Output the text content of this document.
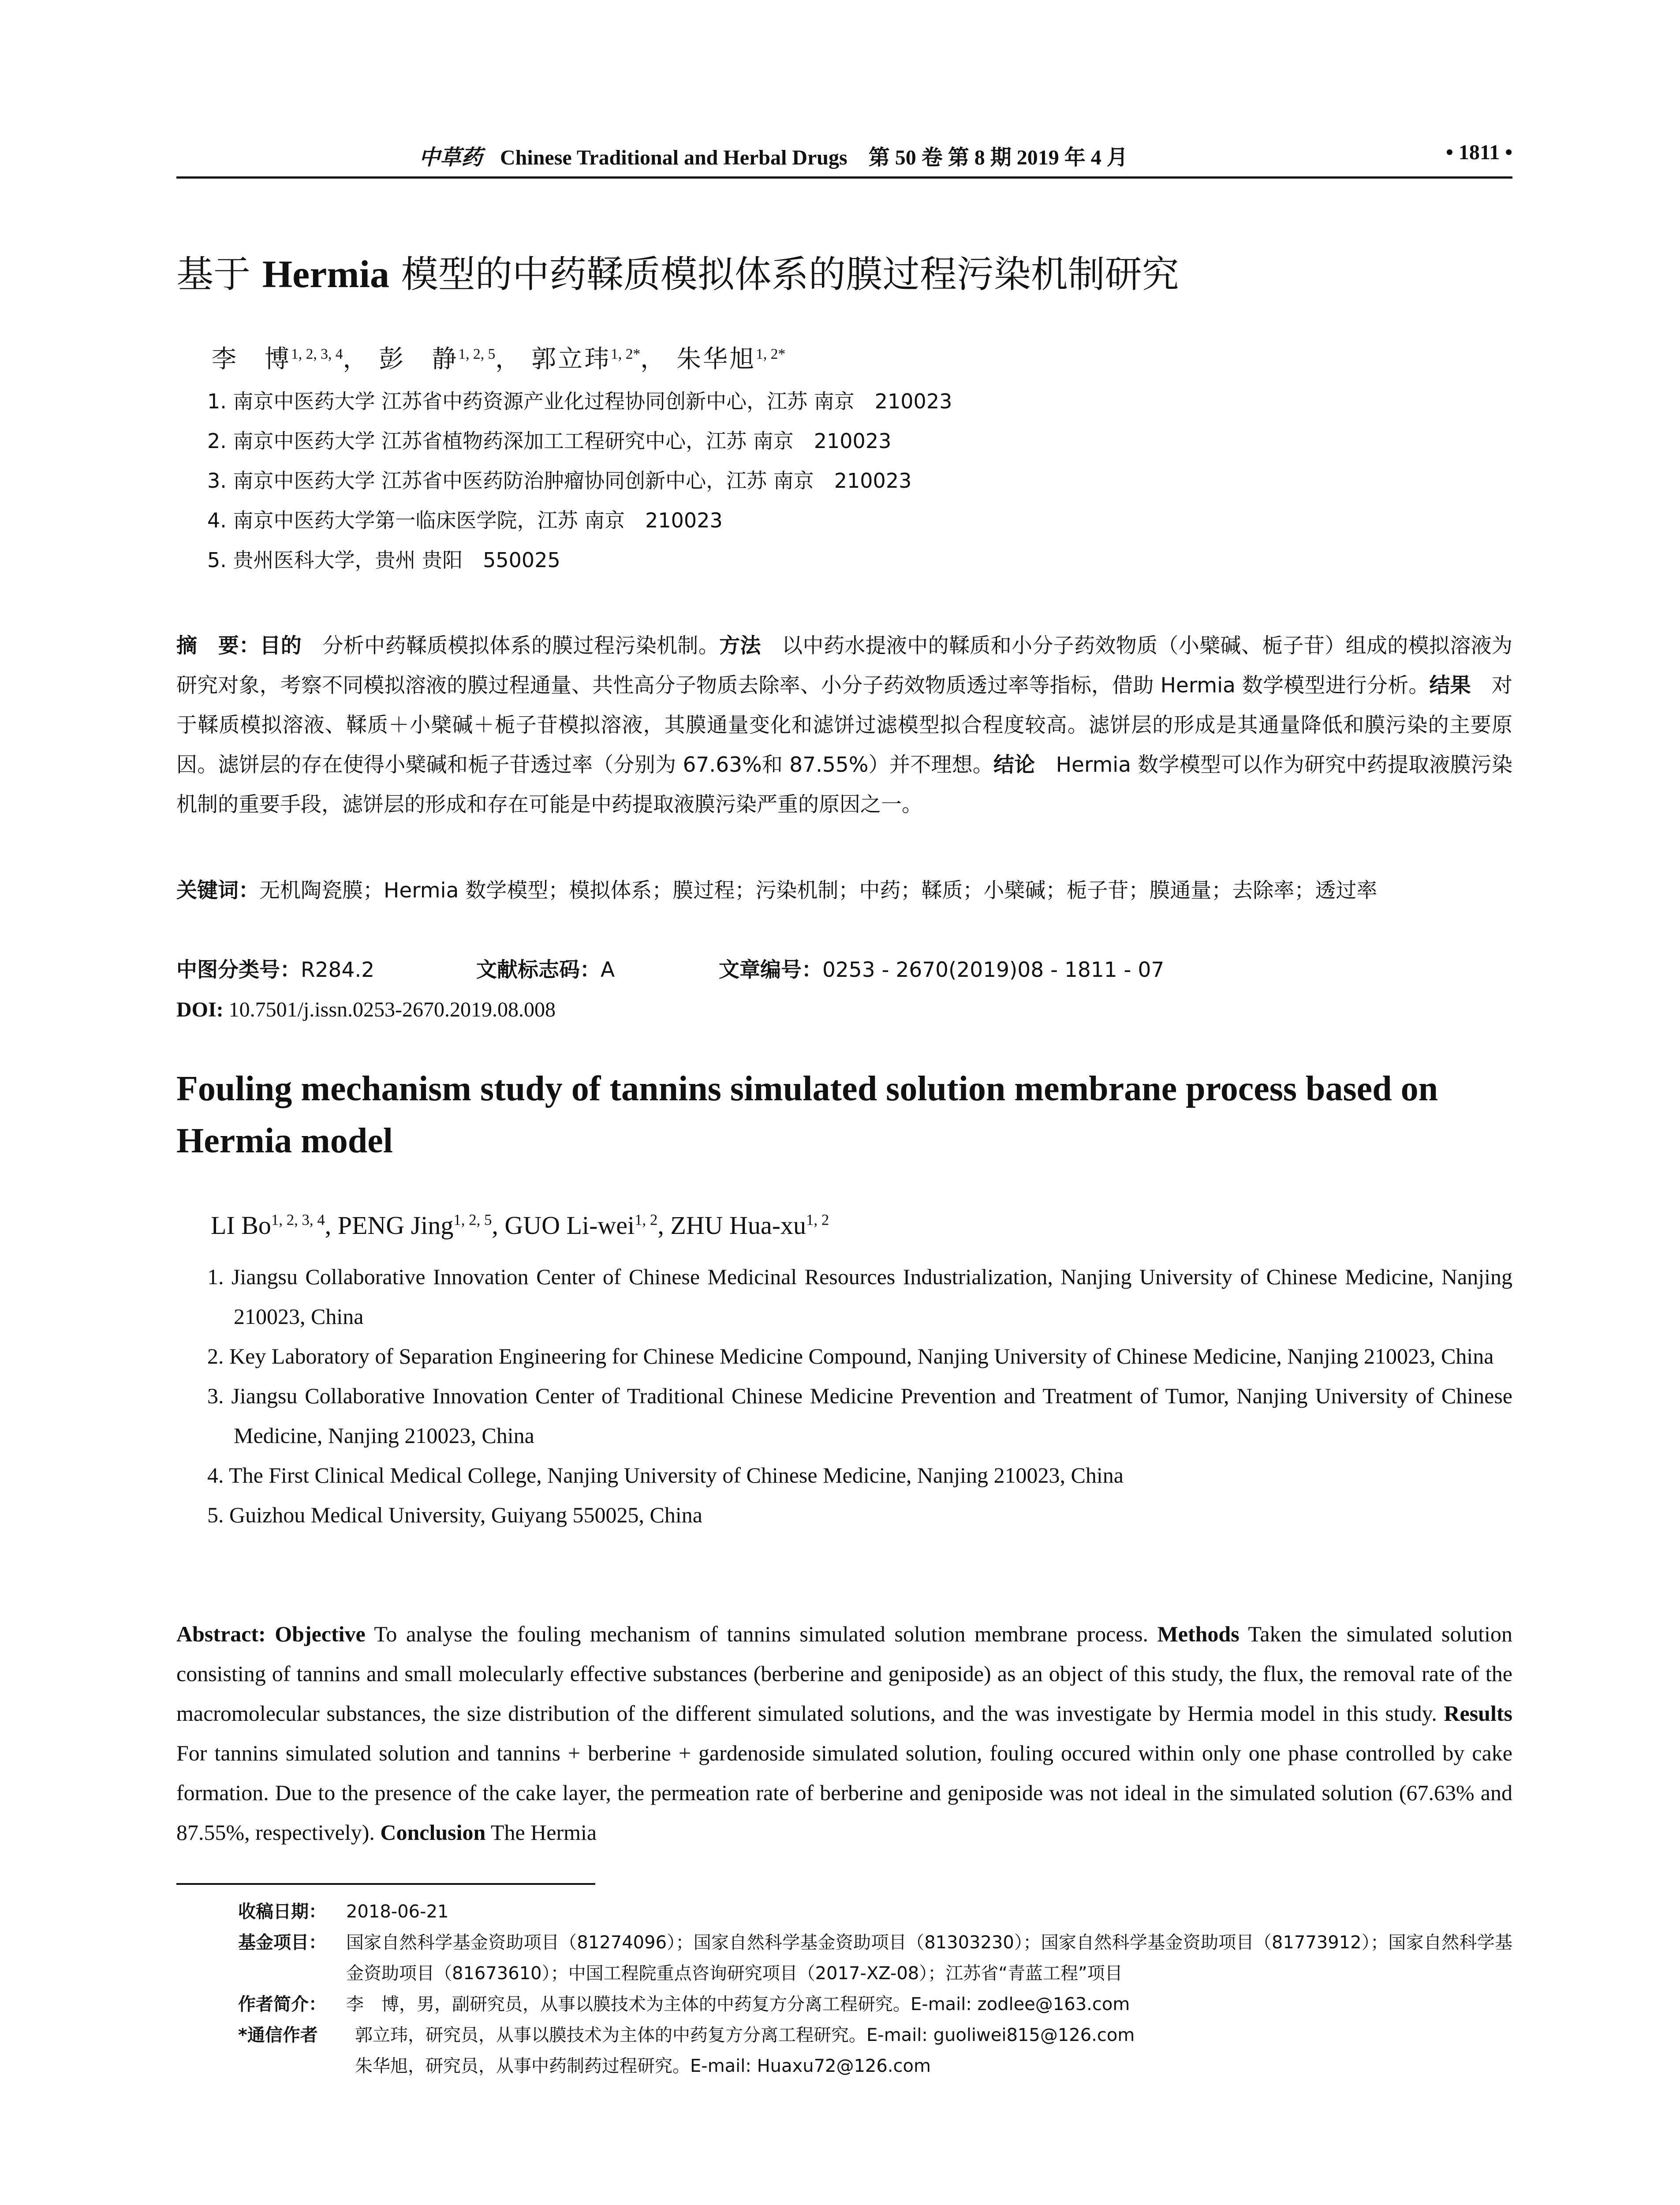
中草药 Chinese Traditional and Herbal Drugs 第 50 卷 第 8 期 2019 年 4 月	• 1811 •
基于 Hermia 模型的中药鞣质模拟体系的膜过程污染机制研究
李　博$^{1, 2, 3, 4}$， 彭　静$^{1, 2, 5}$， 郭立玮$^{1, 2*}$， 朱华旭$^{1, 2*}$
1. 南京中医药大学 江苏省中药资源产业化过程协同创新中心，江苏 南京　210023
2. 南京中医药大学 江苏省植物药深加工工程研究中心，江苏 南京　210023
3. 南京中医药大学 江苏省中医药防治肿瘤协同创新中心，江苏 南京　210023
4. 南京中医药大学第一临床医学院，江苏 南京　210023
5. 贵州医科大学，贵州 贵阳　550025
摘　要：目的　分析中药鞣质模拟体系的膜过程污染机制。方法　以中药水提液中的鞣质和小分子药效物质（小檗碱、栀子苷）组成的模拟溶液为研究对象，考察不同模拟溶液的膜过程通量、共性高分子物质去除率、小分子药效物质透过率等指标，借助 Hermia 数学模型进行分析。结果　对于鞣质模拟溶液、鞣质＋小檗碱＋栀子苷模拟溶液，其膜通量变化和滤饼过滤模型拟合程度较高。滤饼层的形成是其通量降低和膜污染的主要原因。滤饼层的存在使得小檗碱和栀子苷透过率（分别为 67.63%和 87.55%）并不理想。结论　Hermia 数学模型可以作为研究中药提取液膜污染机制的重要手段，滤饼层的形成和存在可能是中药提取液膜污染严重的原因之一。
关键词：无机陶瓷膜；Hermia 数学模型；模拟体系；膜过程；污染机制；中药；鞣质；小檗碱；栀子苷；膜通量；去除率；透过率
中图分类号：R284.2	文献标志码：A	文章编号：0253 - 2670(2019)08 - 1811 - 07
DOI: 10.7501/j.issn.0253-2670.2019.08.008
Fouling mechanism study of tannins simulated solution membrane process based on Hermia model
LI Bo$^{1, 2, 3, 4}$, PENG Jing$^{1, 2, 5}$, GUO Li-wei$^{1, 2}$, ZHU Hua-xu$^{1, 2}$
1. Jiangsu Collaborative Innovation Center of Chinese Medicinal Resources Industrialization, Nanjing University of Chinese Medicine, Nanjing 210023, China
2. Key Laboratory of Separation Engineering for Chinese Medicine Compound, Nanjing University of Chinese Medicine, Nanjing 210023, China
3. Jiangsu Collaborative Innovation Center of Traditional Chinese Medicine Prevention and Treatment of Tumor, Nanjing University of Chinese Medicine, Nanjing 210023, China
4. The First Clinical Medical College, Nanjing University of Chinese Medicine, Nanjing 210023, China
5. Guizhou Medical University, Guiyang 550025, China
Abstract: Objective To analyse the fouling mechanism of tannins simulated solution membrane process. Methods Taken the simulated solution consisting of tannins and small molecularly effective substances (berberine and geniposide) as an object of this study, the flux, the removal rate of the macromolecular substances, the size distribution of the different simulated solutions, and the was investigate by Hermia model in this study. Results For tannins simulated solution and tannins + berberine + gardenoside simulated solution, fouling occured within only one phase controlled by cake formation. Due to the presence of the cake layer, the permeation rate of berberine and geniposide was not ideal in the simulated solution (67.63% and 87.55%, respectively). Conclusion The Hermia
收稿日期： 2018-06-21
基金项目： 国家自然科学基金资助项目（81274096）；国家自然科学基金资助项目（81303230）；国家自然科学基金资助项目（81773912）；国家自然科学基金资助项目（81673610）；中国工程院重点咨询研究项目（2017-XZ-08）；江苏省“青蓝工程”项目
作者简介： 李　博，男，副研究员，从事以膜技术为主体的中药复方分离工程研究。E-mail: zodlee@163.com
*通信作者 郭立玮，研究员，从事以膜技术为主体的中药复方分离工程研究。E-mail: guoliwei815@126.com
朱华旭，研究员，从事中药制药过程研究。E-mail: Huaxu72@126.com
